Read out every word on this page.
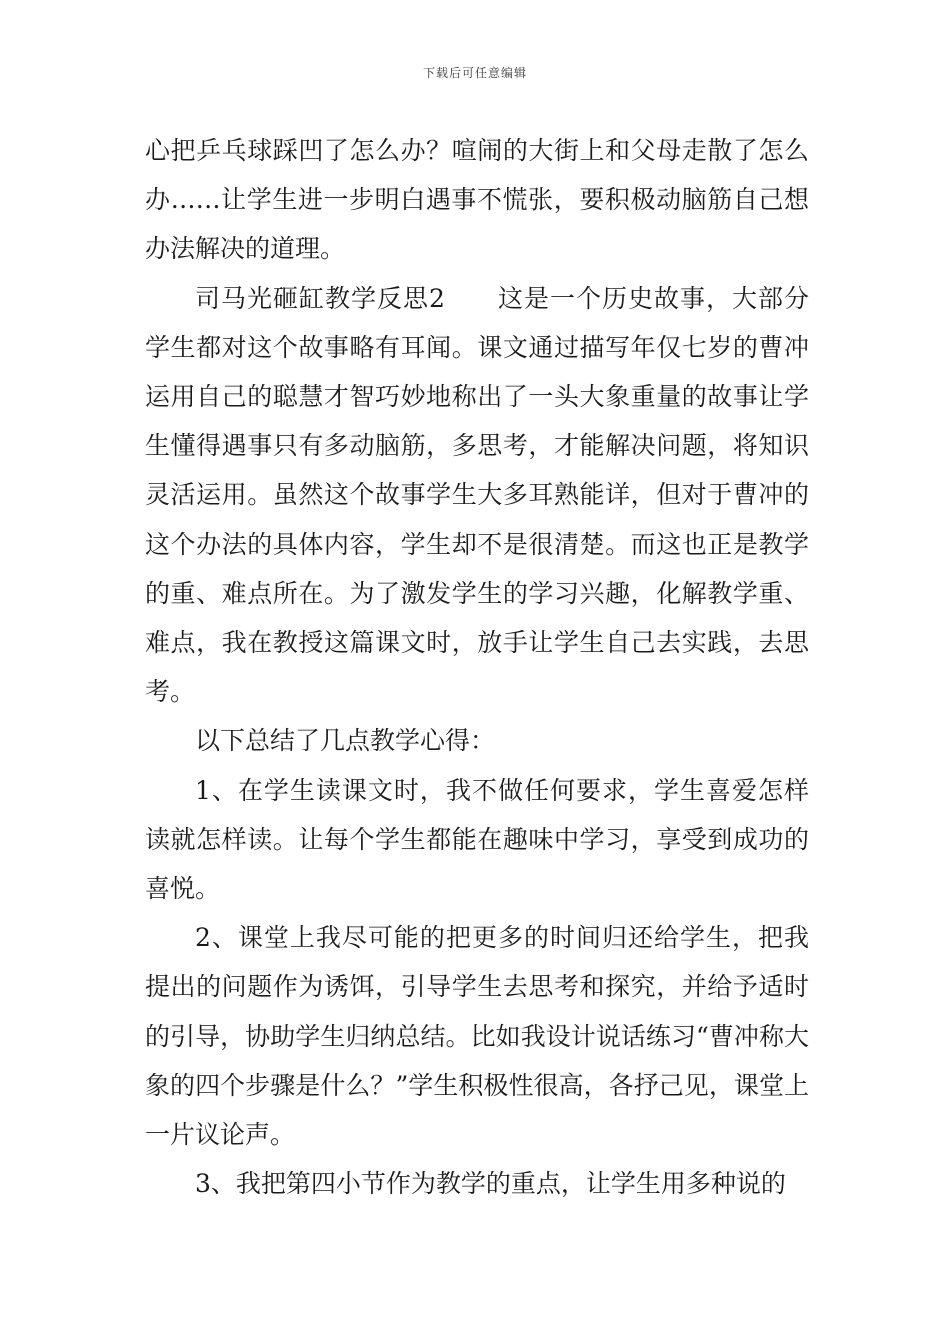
下载后可任意编辑

心把乒乓球踩凹了怎么办？喧闹的大街上和父母走散了怎么办……让学生进一步明白遇事不慌张，要积极动脑筋自己想办法解决的道理。

司马光砸缸教学反思2　　这是一个历史故事，大部分学生都对这个故事略有耳闻。课文通过描写年仅七岁的曹冲运用自己的聪慧才智巧妙地称出了一头大象重量的故事让学生懂得遇事只有多动脑筋，多思考，才能解决问题，将知识灵活运用。虽然这个故事学生大多耳熟能详，但对于曹冲的这个办法的具体内容，学生却不是很清楚。而这也正是教学的重、难点所在。为了激发学生的学习兴趣，化解教学重、难点，我在教授这篇课文时，放手让学生自己去实践，去思考。

以下总结了几点教学心得：

1、在学生读课文时，我不做任何要求，学生喜爱怎样读就怎样读。让每个学生都能在趣味中学习，享受到成功的喜悦。

2、课堂上我尽可能的把更多的时间归还给学生，把我提出的问题作为诱饵，引导学生去思考和探究，并给予适时的引导，协助学生归纳总结。比如我设计说话练习“曹冲称大象的四个步骤是什么？”学生积极性很高，各抒己见，课堂上一片议论声。

3、我把第四小节作为教学的重点，让学生用多种说的
